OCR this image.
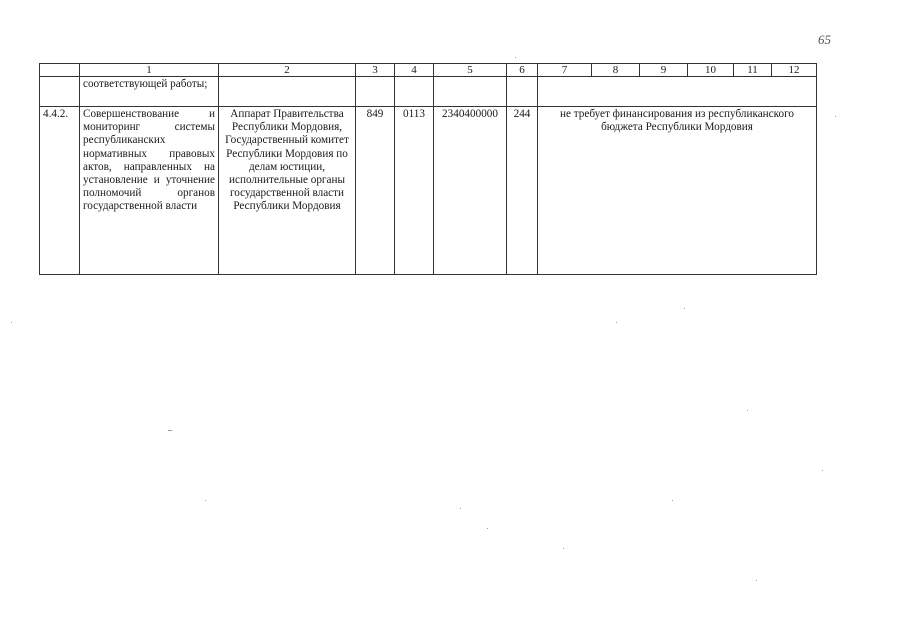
65
	1	2	3	4	5	6	7	8	9	10	11	12
	соответствующей работы;											
4.4.2.	Совершенствование и мониторинг системы республиканских нормативных правовых актов, направленных на установление и уточнение полномочий органов государственной власти	Аппарат Правительства Республики Мордовия, Государственный комитет Республики Мордовия по делам юстиции, исполнительные органы государственной власти Республики Мордовия	849	0113	2340400000	244	не требует финансирования из республиканского бюджета Республики Мордовия					
